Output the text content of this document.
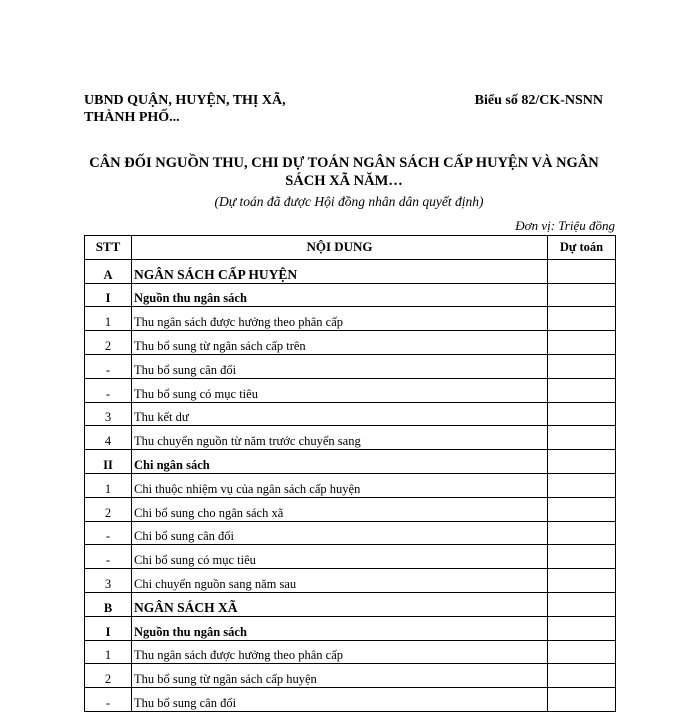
UBND QUẬN, HUYỆN, THỊ XÃ,
THÀNH PHỐ...
Biểu số 82/CK-NSNN
CÂN ĐỐI NGUỒN THU, CHI DỰ TOÁN NGÂN SÁCH CẤP HUYỆN VÀ NGÂN
SÁCH XÃ NĂM…
(Dự toán đã được Hội đồng nhân dân quyết định)
Đơn vị: Triệu đồng
STT	NỘI DUNG	Dự toán
A	NGÂN SÁCH CẤP HUYỆN	
I	Nguồn thu ngân sách	
1	Thu ngân sách được hưởng theo phân cấp	
2	Thu bổ sung từ ngân sách cấp trên	
-	Thu bổ sung cân đối	
-	Thu bổ sung có mục tiêu	
3	Thu kết dư	
4	Thu chuyển nguồn từ năm trước chuyển sang	
II	Chi ngân sách	
1	Chi thuộc nhiệm vụ của ngân sách cấp huyện	
2	Chi bổ sung cho ngân sách xã	
-	Chi bổ sung cân đối	
-	Chi bổ sung có mục tiêu	
3	Chi chuyển nguồn sang năm sau	
B	NGÂN SÁCH XÃ	
I	Nguồn thu ngân sách	
1	Thu ngân sách được hưởng theo phân cấp	
2	Thu bổ sung từ ngân sách cấp huyện	
-	Thu bổ sung cân đối	
